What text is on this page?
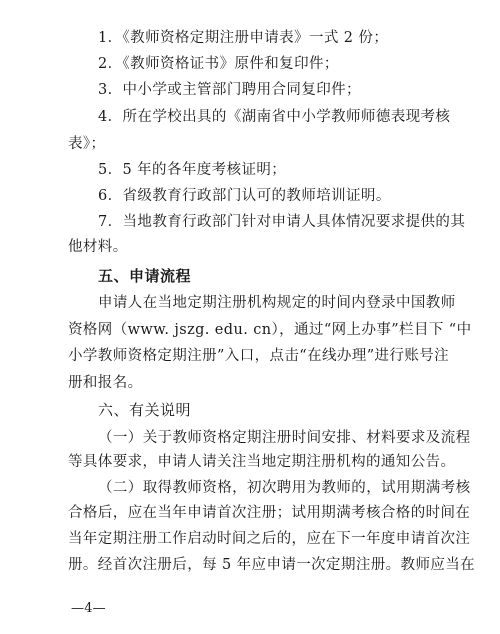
1．《教师资格定期注册申请表》一式 2 份；
2．《教师资格证书》原件和复印件；
3．中小学或主管部门聘用合同复印件；
4．所在学校出具的《湖南省中小学教师师德表现考核
表》；
5．5 年的各年度考核证明；
6．省级教育行政部门认可的教师培训证明。
7．当地教育行政部门针对申请人具体情况要求提供的其
他材料。
五、申请流程
申请人在当地定期注册机构规定的时间内登录中国教师
资格网（www. jszg. edu. cn），通过“网上办事”栏目下 “中
小学教师资格定期注册”入口，点击“在线办理”进行账号注
册和报名。
六、有关说明
（一）关于教师资格定期注册时间安排、材料要求及流程
等具体要求，申请人请关注当地定期注册机构的通知公告。
（二）取得教师资格，初次聘用为教师的，试用期满考核
合格后，应在当年申请首次注册；试用期满考核合格的时间在
当年定期注册工作启动时间之后的，应在下一年度申请首次注
册。经首次注册后，每 5 年应申请一次定期注册。教师应当在
—4—
